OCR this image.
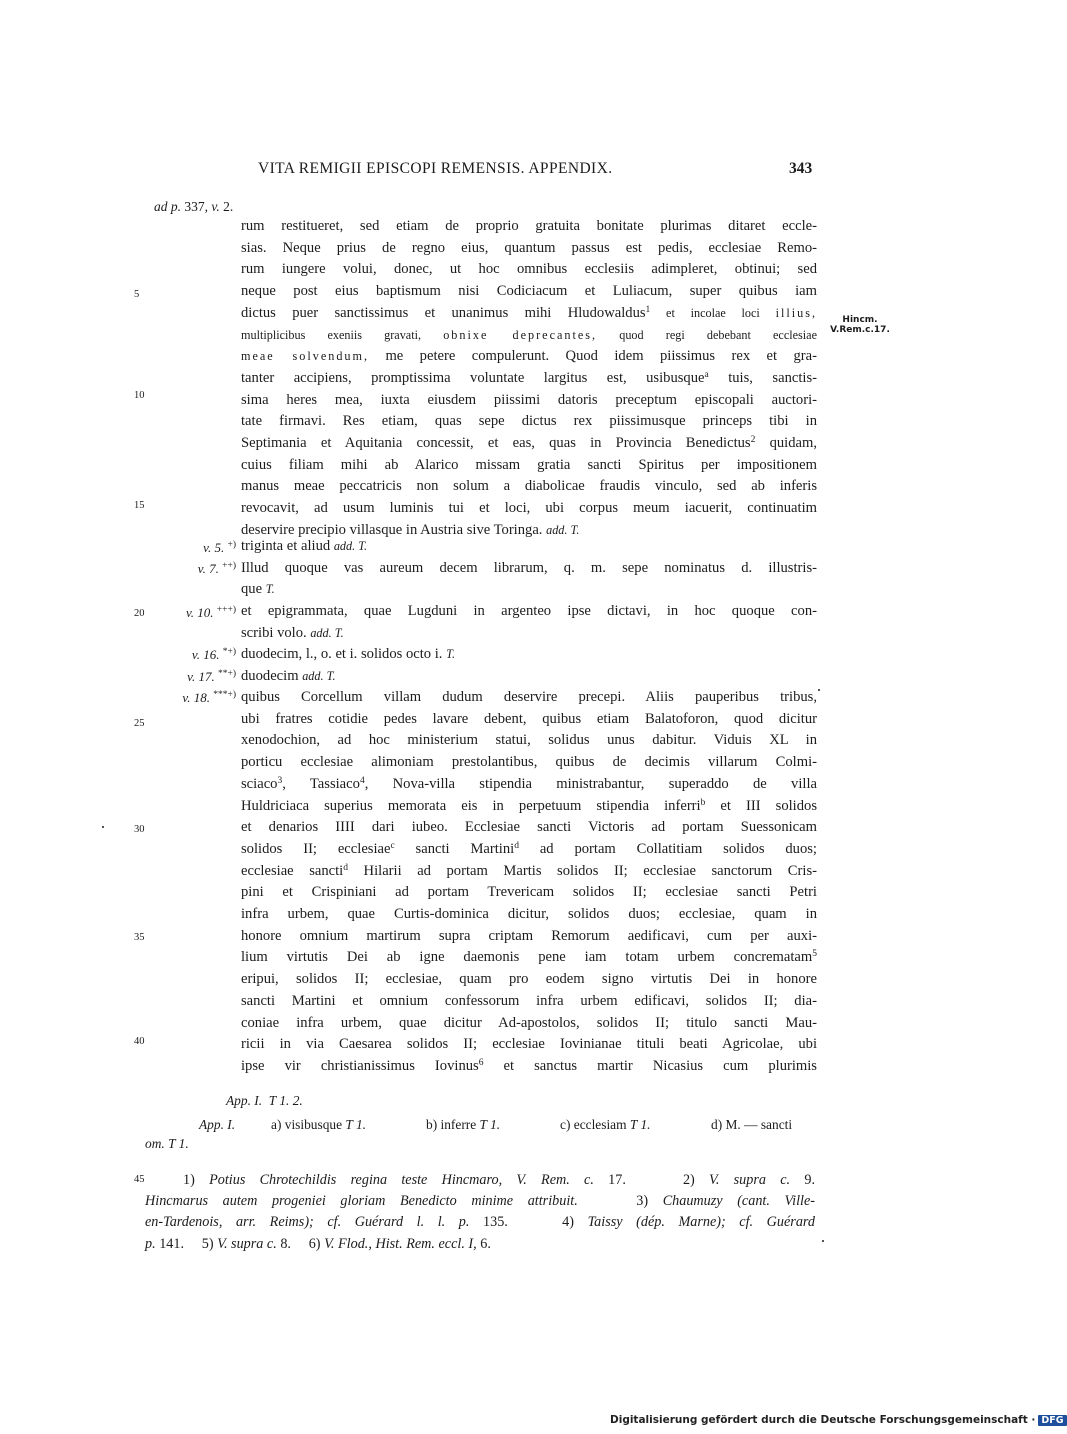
VITA REMIGII EPISCOPI REMENSIS. APPENDIX.	343
ad p. 337, v. 2.
5
10
15
20
25
30
35
40
45
Hincm.
V.Rem.c.17.
v. 5. +)
v. 7. ++)
v. 10. +++)
v. 16. *+)
v. 17. **+)
v. 18. ***+)
rum restitueret, sed etiam de proprio gratuita bonitate plurimas ditaret eccle-
sias. Neque prius de regno eius, quantum passus est pedis, ecclesiae Remo-
rum iungere volui, donec, ut hoc omnibus ecclesiis adimpleret, obtinui; sed
neque post eius baptismum nisi Codiciacum et Luliacum, super quibus iam
dictus puer sanctissimus et unanimus mihi Hludowaldus$^1$ et incolae loci illius,
multiplicibus exeniis gravati, obnixe deprecantes, quod regi debebant ecclesiae
meae solvendum, me petere compulerunt. Quod idem piissimus rex et gra-
tanter accipiens, promptissima voluntate largitus est, usibusque$^a$ tuis, sanctis-
sima heres mea, iuxta eiusdem piissimi datoris preceptum episcopali auctori-
tate firmavi. Res etiam, quas sepe dictus rex piissimusque princeps tibi in
Septimania et Aquitania concessit, et eas, quas in Provincia Benedictus$^2$ quidam,
cuius filiam mihi ab Alarico missam gratia sancti Spiritus per impositionem
manus meae peccatricis non solum a diabolicae fraudis vinculo, sed ab inferis
revocavit, ad usum luminis tui et loci, ubi corpus meum iacuerit, continuatim
deservire precipio villasque in Austria sive Toringa. add. T.
triginta et aliud add. T.
Illud quoque vas aureum decem librarum, q. m. sepe nominatus d. illustris-
que T.
et epigrammata, quae Lugduni in argenteo ipse dictavi, in hoc quoque con-
scribi volo. add. T.
duodecim, l., o. et i. solidos octo i. T.
duodecim add. T.
quibus Corcellum villam dudum deservire precepi. Aliis pauperibus tribus,
ubi fratres cotidie pedes lavare debent, quibus etiam Balatoforon, quod dicitur
xenodochion, ad hoc ministerium statui, solidus unus dabitur. Viduis XL in
porticu ecclesiae alimoniam prestolantibus, quibus de decimis villarum Colmi-
sciaco$^3$, Tassiaco$^4$, Nova-villa stipendia ministrabantur, superaddo de villa
Huldriciaca superius memorata eis in perpetuum stipendia inferri$^b$ et III solidos
et denarios IIII dari iubeo. Ecclesiae sancti Victoris ad portam Suessonicam
solidos II; ecclesiae$^c$ sancti Martini$^d$ ad portam Collatitiam solidos duos;
ecclesiae sancti$^d$ Hilarii ad portam Martis solidos II; ecclesiae sanctorum Cris-
pini et Crispiniani ad portam Trevericam solidos II; ecclesiae sancti Petri
infra urbem, quae Curtis-dominica dicitur, solidos duos; ecclesiae, quam in
honore omnium martirum supra criptam Remorum aedificavi, cum per auxi-
lium virtutis Dei ab igne daemonis pene iam totam urbem concrematam$^5$
eripui, solidos II; ecclesiae, quam pro eodem signo virtutis Dei in honore
sancti Martini et omnium confessorum infra urbem edificavi, solidos II; dia-
coniae infra urbem, quae dicitur Ad-apostolos, solidos II; titulo sancti Mau-
ricii in via Caesarea solidos II; ecclesiae Iovinianae tituli beati Agricolae, ubi
ipse vir christianissimus Iovinus$^6$ et sanctus martir Nicasius cum plurimis
App. I. T 1. 2.
App. I.	a) visibusque T 1.	b) inferre T 1.	c) ecclesiam T 1.	d) M. — sancti
om. T 1.
1) Potius Chrotechildis regina teste Hincmaro, V. Rem. c. 17.	2) V. supra c. 9.
Hincmarus autem progeniei gloriam Benedicto minime attribuit.	3) Chaumuzy (cant. Ville-
en-Tardenois, arr. Reims); cf. Guérard l. l. p. 135.	4) Taissy (dép. Marne); cf. Guérard
p. 141. 5) V. supra c. 8. 6) V. Flod., Hist. Rem. eccl. I, 6.
Digitalisierung gefördert durch die Deutsche Forschungsgemeinschaft · DFG
